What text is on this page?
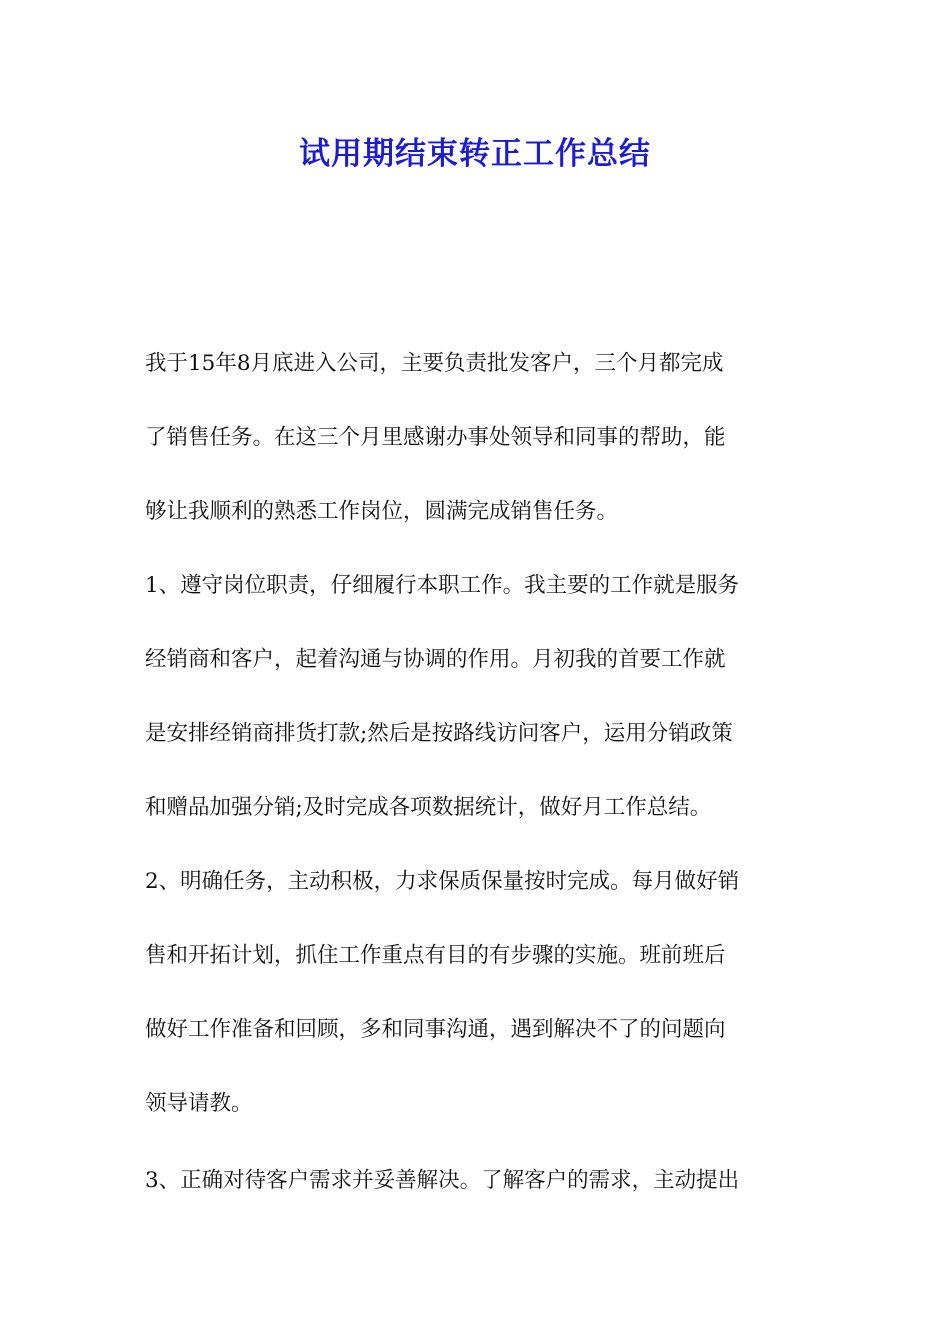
试用期结束转正工作总结

我于15年8月底进入公司，主要负责批发客户，三个月都完成

了销售任务。在这三个月里感谢办事处领导和同事的帮助，能

够让我顺利的熟悉工作岗位，圆满完成销售任务。

1、遵守岗位职责，仔细履行本职工作。我主要的工作就是服务

经销商和客户，起着沟通与协调的作用。月初我的首要工作就

是安排经销商排货打款;然后是按路线访问客户，运用分销政策

和赠品加强分销;及时完成各项数据统计，做好月工作总结。

2、明确任务，主动积极，力求保质保量按时完成。每月做好销

售和开拓计划，抓住工作重点有目的有步骤的实施。班前班后

做好工作准备和回顾，多和同事沟通，遇到解决不了的问题向

领导请教。

3、正确对待客户需求并妥善解决。了解客户的需求，主动提出
